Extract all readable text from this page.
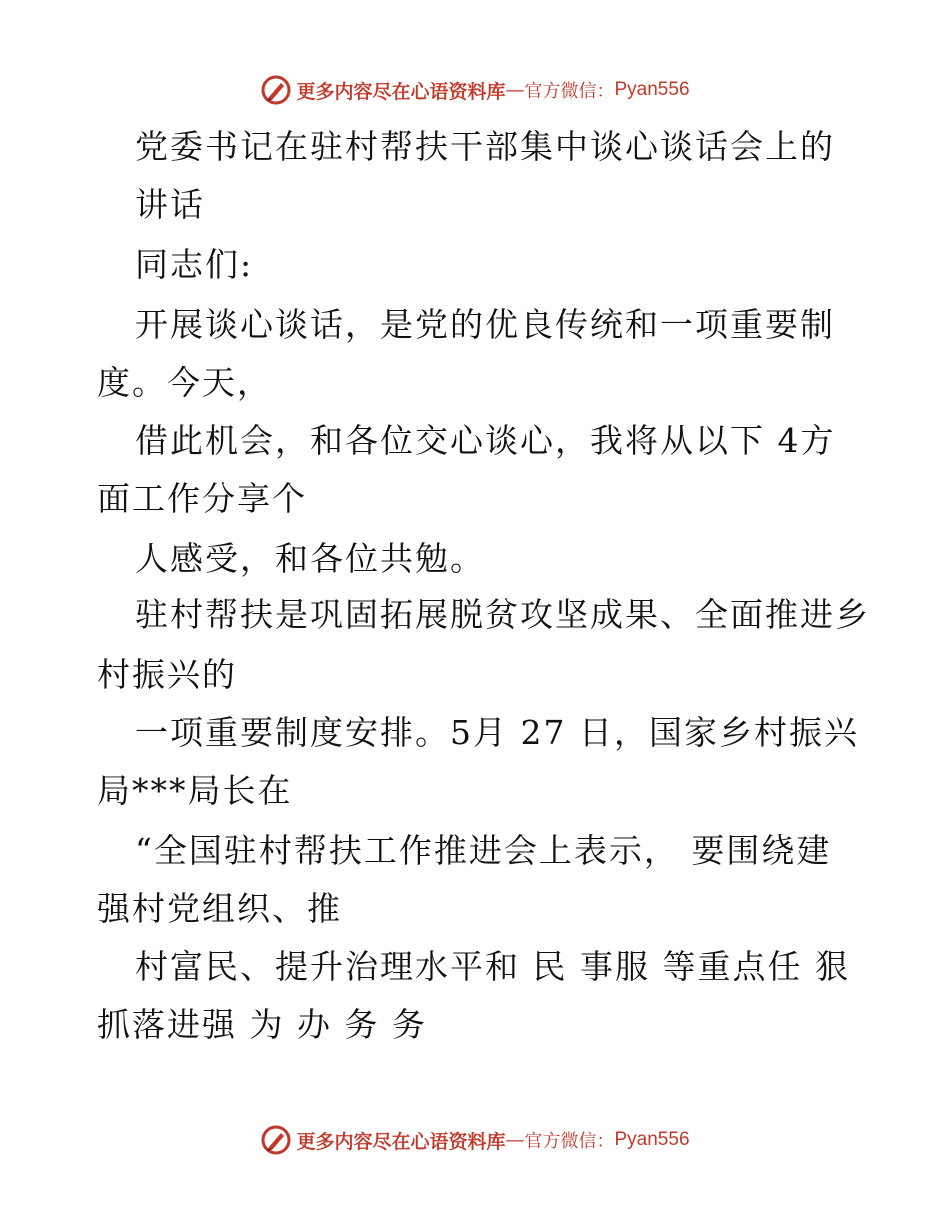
更多内容尽在心语资料库 — 官方微信： Pyan556
党委书记在驻村帮扶干部集中谈心谈话会上的
讲话
同志们:
开展谈心谈话，是党的优良传统和一项重要制
度。今天，
借此机会，和各位交心谈心，我将从以下 4方
面工作分享个
人感受，和各位共勉。
驻村帮扶是巩固拓展脱贫攻坚成果、全面推进乡
村振兴的
一项重要制度安排。5月 27 日，国家乡村振兴
局***局长在
“全国驻村帮扶工作推进会上表示， 要围绕建
强村党组织、推
村富民、提升治理水平和 民 事服 等重点任 狠
抓落进强 为 办 务 务
更多内容尽在心语资料库 — 官方微信： Pyan556
